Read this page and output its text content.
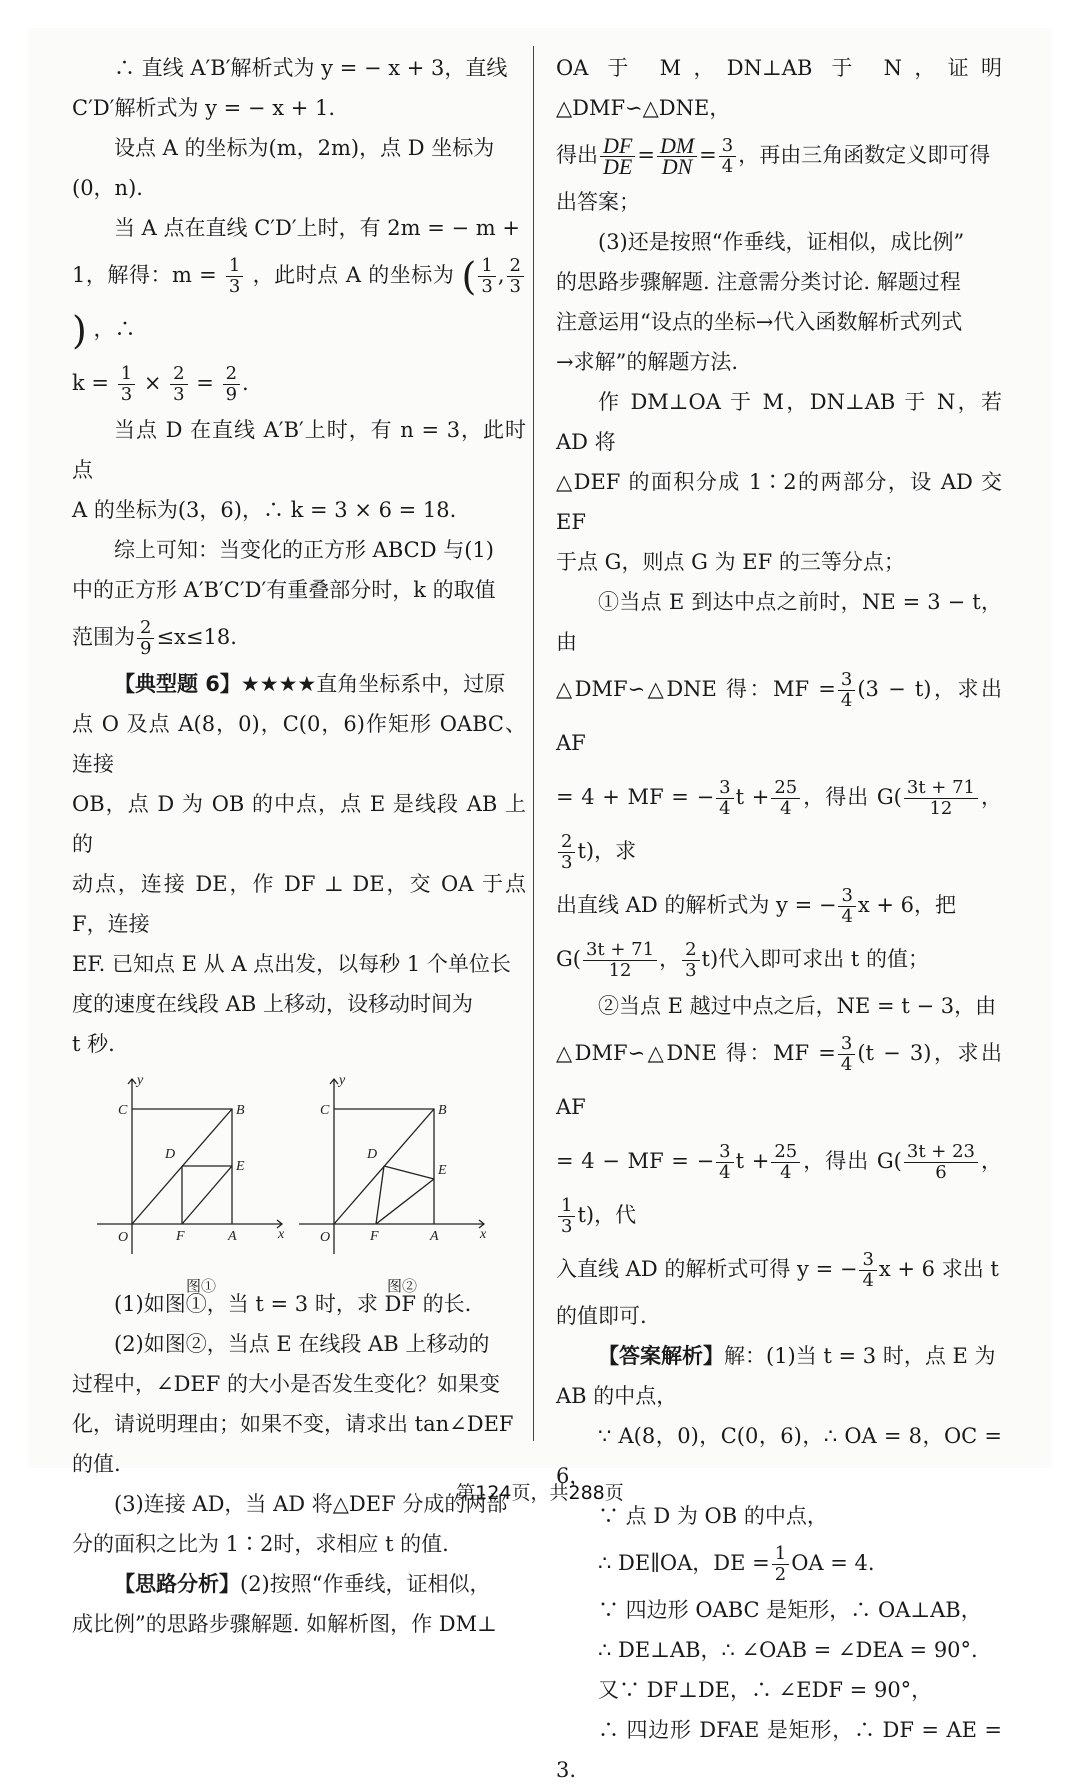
∴ 直线 A′B′解析式为 y = − x + 3，直线

C′D′解析式为 y = − x + 1.

设点 A 的坐标为(m，2m)，点 D 坐标为

(0，n).

当 A 点在直线 C′D′上时，有 2m = − m +

1，解得：$m = \frac{1}{3}$ ，此时点 A 的坐标为 ( $\frac{1}{3}$ , $\frac{2}{3}$
) ，∴

$k = \frac{1}{3} \times \frac{2}{3} = \frac{2}{9}$ .

当点 D 在直线 A′B′上时，有 n = 3，此时点

A 的坐标为(3，6)，∴ k = 3 × 6 = 18.

综上可知：当变化的正方形 ABCD 与(1)

中的正方形 A′B′C′D′有重叠部分时，k 的取值

范围为 $\frac{2}{9} \le x\le 18$.

【典型题 6】★★★★直角坐标系中，过原

点 O 及点 A(8，0)，C(0，6)作矩形 OABC、连接

OB，点 D 为 OB 的中点，点 E 是线段 AB 上的

动点，连接 DE，作 DF ⊥ DE，交 OA 于点 F，连接

EF. 已知点 E 从 A 点出发，以每秒 1 个单位长

度的速度在线段 AB 上移动，设移动时间为

t 秒.

y
C	B
D
E
O	F	A	x
y
C	B
D
E
O	F	A	x
图①	图②

(1)如图①，当 t = 3 时，求 DF 的长.

(2)如图②，当点 E 在线段 AB 上移动的

过程中，∠DEF 的大小是否发生变化？如果变

化，请说明理由；如果不变，请求出 tan∠DEF

的值.

(3)连接 AD，当 AD 将△DEF 分成的两部

分的面积之比为 1∶2时，求相应 t 的值.

【思路分析】(2)按照“作垂线，证相似，

成比例”的思路步骤解题. 如解析图，作 DM⊥

OA 于 M，DN⊥AB 于 N，证明△DMF∽△DNE，

得出 $\frac{DF}{DE} = \frac{DM}{DN} = \frac{3}{4}$ ，再由三角函数定义即可得

出答案；

(3)还是按照“作垂线，证相似，成比例”

的思路步骤解题. 注意需分类讨论. 解题过程

注意运用“设点的坐标→代入函数解析式列式

→求解”的解题方法.

作 DM⊥OA 于 M，DN⊥AB 于 N，若 AD 将

△DEF 的面积分成 1∶2的两部分，设 AD 交 EF

于点 G，则点 G 为 EF 的三等分点；

①当点 E 到达中点之前时，NE = 3 − t，由

△DMF∽△DNE 得：MF = $\frac{3}{4} (3 - t)$，求出 AF

= 4 + MF = − $\frac{3}{4}$ $t + \frac{25}{4}$ ，得出 $G( \frac{3t + 71}{12}$ ，
$\frac{2}{3} t$)，求

出直线 AD 的解析式为 y = − $\frac{3}{4}$ x + 6，把

$G( \frac{3t + 71}{12}$ ， $\frac{2}{3} t$)代入即可求出 t 的值；

②当点 E 越过中点之后，NE = t − 3，由

△DMF∽△DNE 得：MF = $\frac{3}{4} (t - 3)$，求出 AF

= 4 − MF = − $\frac{3}{4}$ $t + \frac{25}{4}$ ，得出 $G( \frac{3t + 23}{6}$ ，
$\frac{1}{3} t$)，代

入直线 AD 的解析式可得 y = − $\frac{3}{4}$ x + 6 求出 t

的值即可.

【答案解析】解：(1)当 t = 3 时，点 E 为

AB 的中点，

∵ A(8，0)，C(0，6)，∴ OA = 8，OC = 6，

∵ 点 D 为 OB 的中点，

∴ DE∥OA，DE = $\frac{1}{2}$ OA = 4.

∵ 四边形 OABC 是矩形，∴ OA⊥AB，

∴ DE⊥AB，∴ ∠OAB = ∠DEA = 90°.

又∵ DF⊥DE，∴ ∠EDF = 90°，

∴ 四边形 DFAE 是矩形，∴ DF = AE = 3.

第124页，共288页
